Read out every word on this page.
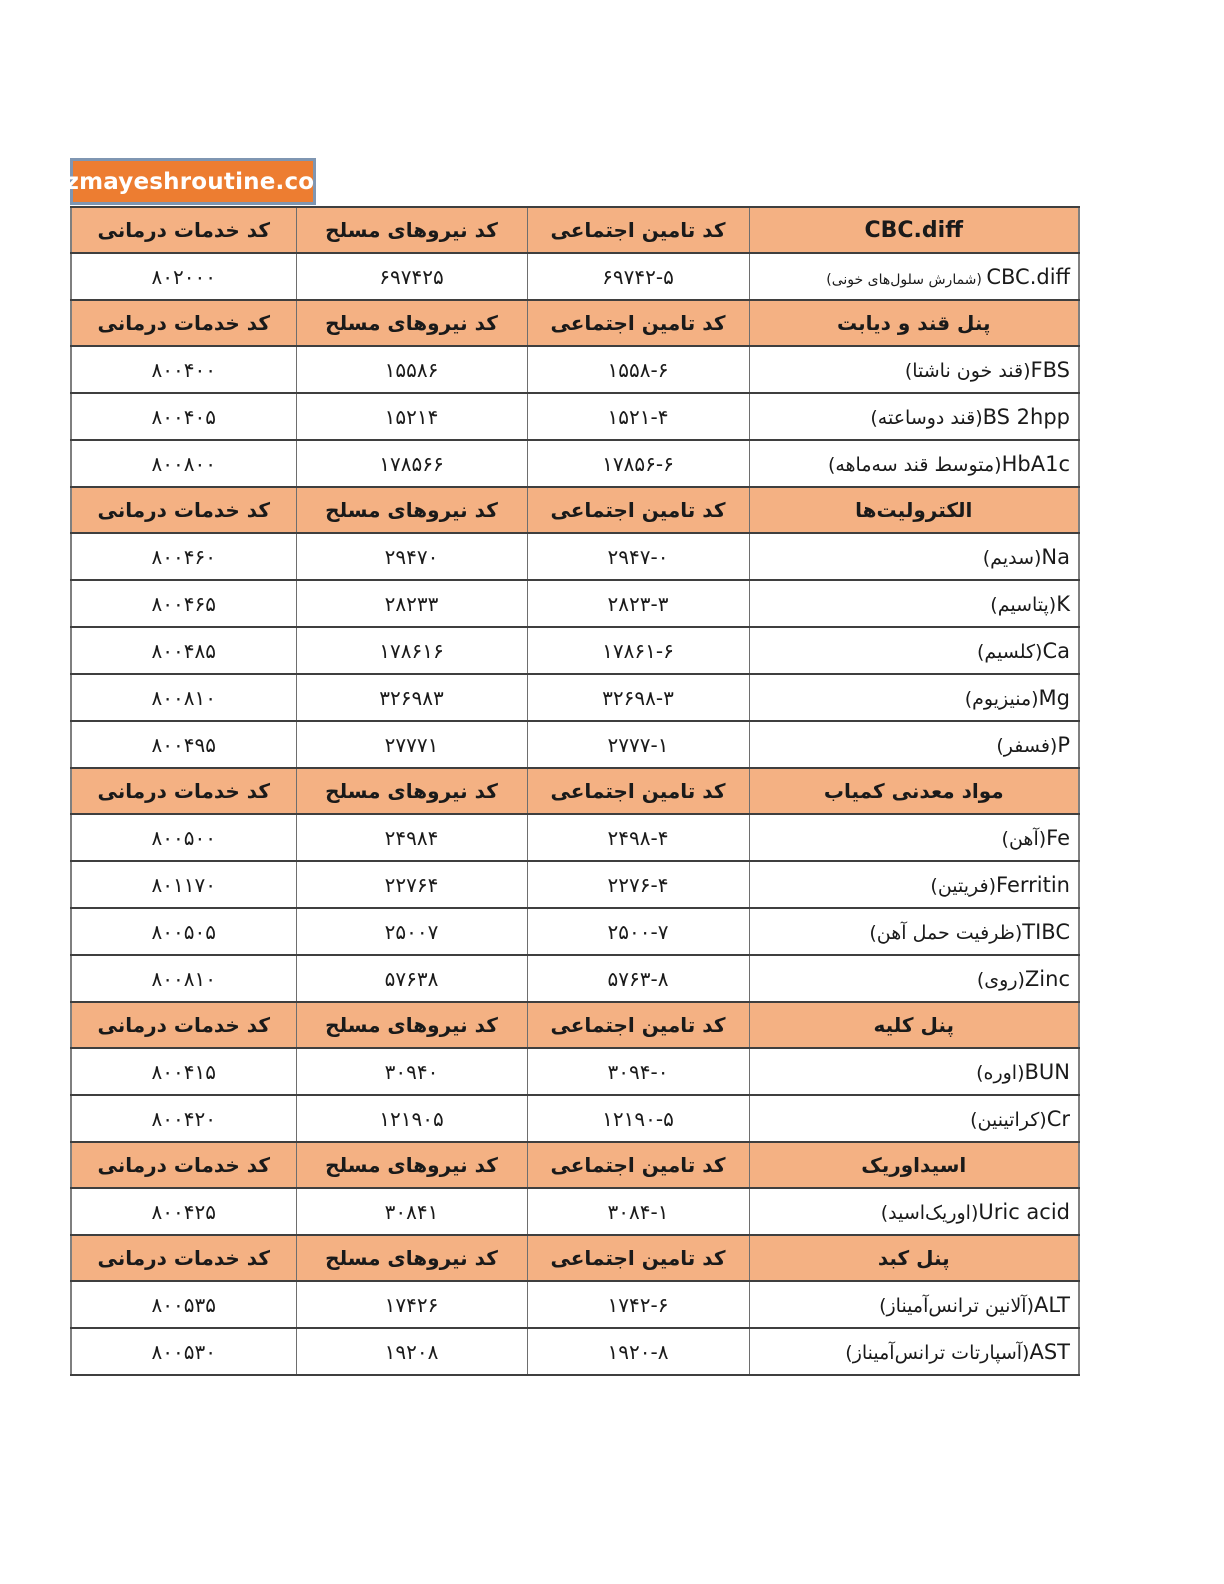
Azmayeshroutine.com
CBC.diff	کد تامین اجتماعی	کد نیروهای مسلح	کد خدمات درمانی
CBC.diff (شمارش سلول‌های خونی)	۶۹۷۴۲-۵	۶۹۷۴۲۵	۸۰۲۰۰۰
پنل قند و دیابت	کد تامین اجتماعی	کد نیروهای مسلح	کد خدمات درمانی
FBS(قند خون ناشتا)	۱۵۵۸-۶	۱۵۵۸۶	۸۰۰۴۰۰
BS 2hpp(قند دوساعته)	۱۵۲۱-۴	۱۵۲۱۴	۸۰۰۴۰۵
HbA1c(متوسط قند سه‌ماهه)	۱۷۸۵۶-۶	۱۷۸۵۶۶	۸۰۰۸۰۰
الکترولیت‌ها	کد تامین اجتماعی	کد نیروهای مسلح	کد خدمات درمانی
Na(سدیم)	۲۹۴۷-۰	۲۹۴۷۰	۸۰۰۴۶۰
K(پتاسیم)	۲۸۲۳-۳	۲۸۲۳۳	۸۰۰۴۶۵
Ca(کلسیم)	۱۷۸۶۱-۶	۱۷۸۶۱۶	۸۰۰۴۸۵
Mg(منیزیوم)	۳۲۶۹۸-۳	۳۲۶۹۸۳	۸۰۰۸۱۰
P(فسفر)	۲۷۷۷-۱	۲۷۷۷۱	۸۰۰۴۹۵
مواد معدنی کمیاب	کد تامین اجتماعی	کد نیروهای مسلح	کد خدمات درمانی
Fe(آهن)	۲۴۹۸-۴	۲۴۹۸۴	۸۰۰۵۰۰
Ferritin(فریتین)	۲۲۷۶-۴	۲۲۷۶۴	۸۰۱۱۷۰
TIBC(ظرفیت حمل آهن)	۲۵۰۰-۷	۲۵۰۰۷	۸۰۰۵۰۵
Zinc(روی)	۵۷۶۳-۸	۵۷۶۳۸	۸۰۰۸۱۰
پنل کلیه	کد تامین اجتماعی	کد نیروهای مسلح	کد خدمات درمانی
BUN(اوره)	۳۰۹۴-۰	۳۰۹۴۰	۸۰۰۴۱۵
Cr(کراتینین)	۱۲۱۹۰-۵	۱۲۱۹۰۵	۸۰۰۴۲۰
اسیداوریک	کد تامین اجتماعی	کد نیروهای مسلح	کد خدمات درمانی
Uric acid(اوریک‌اسید)	۳۰۸۴-۱	۳۰۸۴۱	۸۰۰۴۲۵
پنل کبد	کد تامین اجتماعی	کد نیروهای مسلح	کد خدمات درمانی
ALT(آلانین ترانس‌آمیناز)	۱۷۴۲-۶	۱۷۴۲۶	۸۰۰۵۳۵
AST(آسپارتات ترانس‌آمیناز)	۱۹۲۰-۸	۱۹۲۰۸	۸۰۰۵۳۰
